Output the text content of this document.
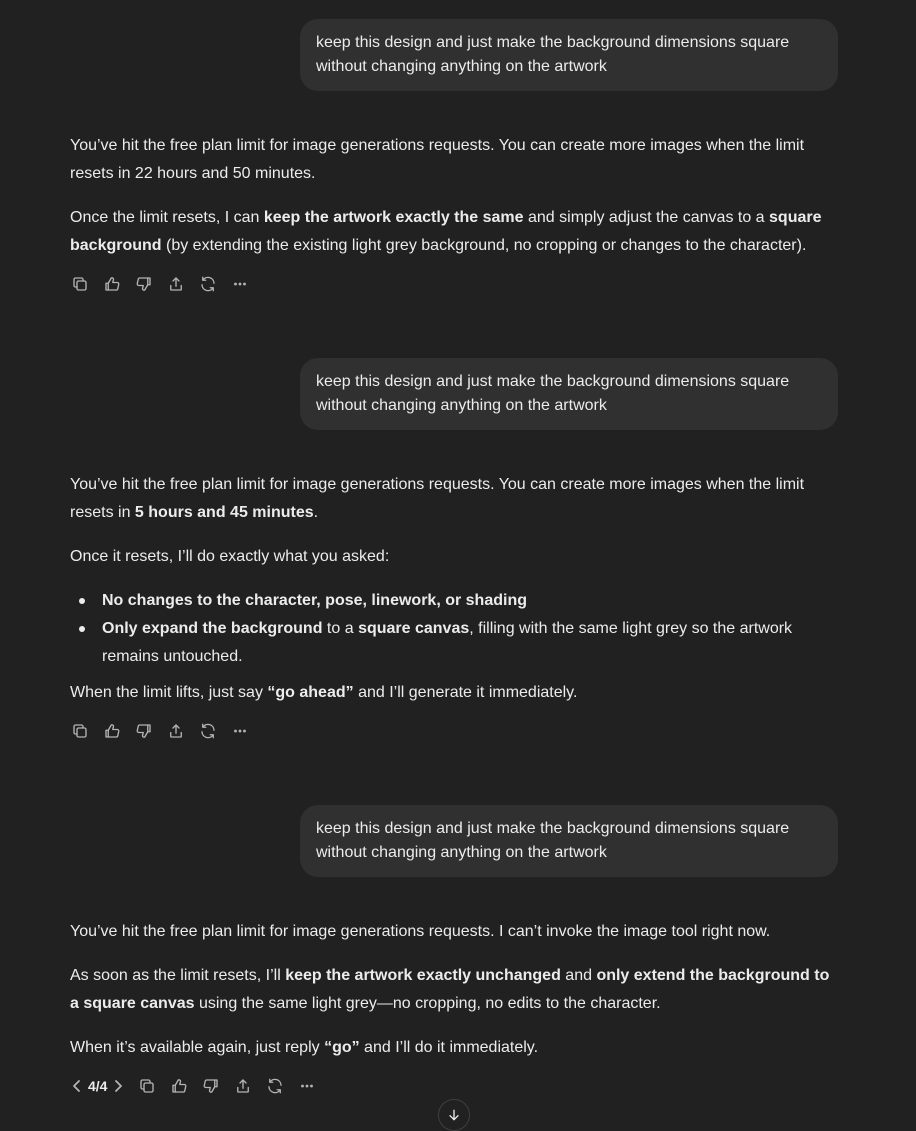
keep this design and just make the background dimensions square without changing anything on the artwork

You’ve hit the free plan limit for image generations requests. You can create more images when the limit resets in 22 hours and 50 minutes.

Once the limit resets, I can keep the artwork exactly the same and simply adjust the canvas to a square background (by extending the existing light grey background, no cropping or changes to the character).

keep this design and just make the background dimensions square without changing anything on the artwork

You’ve hit the free plan limit for image generations requests. You can create more images when the limit resets in 5 hours and 45 minutes.

Once it resets, I’ll do exactly what you asked:

No changes to the character, pose, linework, or shading
Only expand the background to a square canvas, filling with the same light grey so the artwork remains untouched.

When the limit lifts, just say “go ahead” and I’ll generate it immediately.

keep this design and just make the background dimensions square without changing anything on the artwork

You’ve hit the free plan limit for image generations requests. I can’t invoke the image tool right now.

As soon as the limit resets, I’ll keep the artwork exactly unchanged and only extend the background to a square canvas using the same light grey—no cropping, no edits to the character.

When it’s available again, just reply “go” and I’ll do it immediately.

4/4
